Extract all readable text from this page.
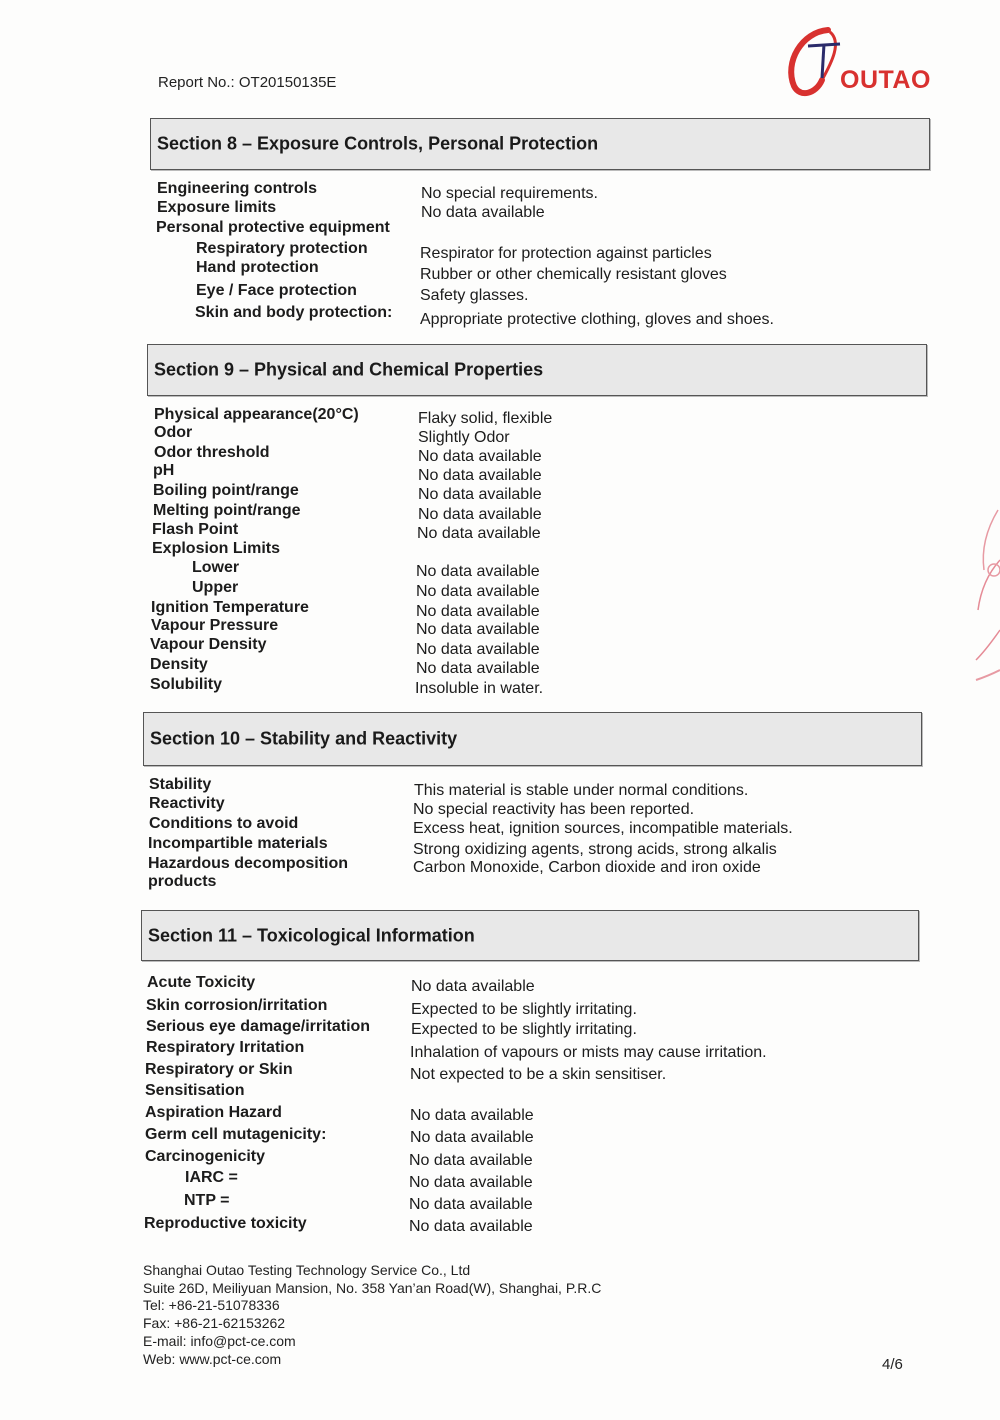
Report No.: OT20150135E	OUTAO
Section 8 – Exposure Controls, Personal Protection
Engineering controls	No special requirements.
Exposure limits	No data available
Personal protective equipment
Respiratory protection	Respirator for protection against particles
Hand protection	Rubber or other chemically resistant gloves
Eye / Face protection	Safety glasses.
Skin and body protection: Appropriate protective clothing, gloves and shoes.
Section 9 – Physical and Chemical Properties
Physical appearance(20°C)	Flaky solid, flexible
Odor	Slightly Odor
Odor threshold	No data available
pH	No data available
Boiling point/range	No data available
Melting point/range	No data available
Flash Point	No data available
Explosion Limits
Lower	No data available
Upper	No data available
Ignition Temperature	No data available
Vapour Pressure	No data available
Vapour Density	No data available
Density	No data available
Solubility	Insoluble in water.
Section 10 – Stability and Reactivity
Stability	This material is stable under normal conditions.
Reactivity	No special reactivity has been reported.
Conditions to avoid	Excess heat, ignition sources, incompatible materials.
Incompartible materials	Strong oxidizing agents, strong acids, strong alkalis
Hazardous decomposition	Carbon Monoxide, Carbon dioxide and iron oxide
products
Section 11 – Toxicological Information
Acute Toxicity	No data available
Skin corrosion/irritation	Expected to be slightly irritating.
Serious eye damage/irritation	Expected to be slightly irritating.
Respiratory Irritation	Inhalation of vapours or mists may cause irritation.
Respiratory or Skin	Not expected to be a skin sensitiser.
Sensitisation
Aspiration Hazard	No data available
Germ cell mutagenicity:	No data available
Carcinogenicity	No data available
IARC =	No data available
NTP =	No data available
Reproductive toxicity	No data available
Shanghai Outao Testing Technology Service Co., Ltd
Suite 26D, Meiliyuan Mansion, No. 358 Yan’an Road(W), Shanghai, P.R.C
Tel: +86-21-51078336
Fax: +86-21-62153262
E-mail: info@pct-ce.com
Web: www.pct-ce.com	4/6
